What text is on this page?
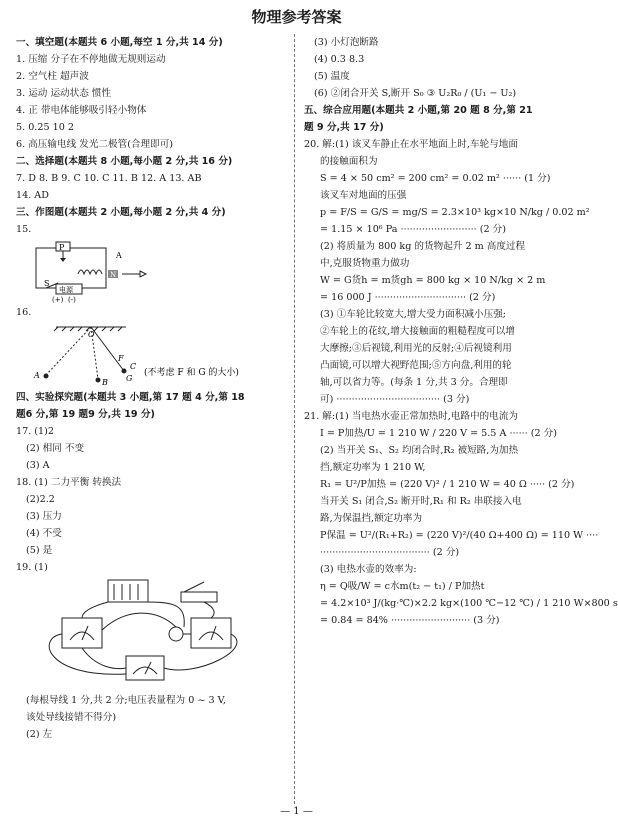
物理参考答案
一、填空题(本题共 6 小题,每空 1 分,共 14 分)
1. 压缩 分子在不停地做无规则运动
2. 空气柱 超声波
3. 运动 运动状态 惯性
4. 正 带电体能够吸引轻小物体
5. 0.25 10 2
6. 高压输电线 发光二极管(合理即可)
二、选择题(本题共 8 小题,每小题 2 分,共 16 分)
7. D 8. B 9. C 10. C 11. B 12. A 13. AB
14. AD
三、作图题(本题共 2 小题,每小题 2 分,共 4 分)
15.
P
A
N
S
电源
(+) (-)
16.
O
A
B
C
F
G
(不考虑 F 和 G 的大小)
四、实验探究题(本题共 3 小题,第 17 题 4 分,第 18
题6 分,第 19 题9 分,共 19 分)
17. (1)2
(2) 相同 不变
(3) A
18. (1) 二力平衡 转换法
(2)2.2
(3) 压力
(4) 不受
(5) 是
19. (1)
(每根导线 1 分,共 2 分;电压表量程为 0 ~ 3 V,
该处导线接错不得分)
(2) 左
(3) 小灯泡断路
(4) 0.3 8.3
(5) 温度
(6) ②闭合开关 S,断开 S₀ ③ U₂R₀ / (U₁ − U₂)
五、综合应用题(本题共 2 小题,第 20 题 8 分,第 21
题 9 分,共 17 分)
20. 解:(1) 该叉车静止在水平地面上时,车轮与地面
的接触面积为
S = 4 × 50 cm² = 200 cm² = 0.02 m² ······ (1 分)
该叉车对地面的压强
p = F/S = G/S = mg/S = 2.3×10³ kg×10 N/kg / 0.02 m²
= 1.15 × 10⁶ Pa ························· (2 分)
(2) 将质量为 800 kg 的货物起升 2 m 高度过程
中,克服货物重力做功
W = G货h = m货gh = 800 kg × 10 N/kg × 2 m
= 16 000 J ······························ (2 分)
(3) ①车轮比较宽大,增大受力面积减小压强;
②车轮上的花纹,增大接触面的粗糙程度可以增
大摩擦;③后视镜,利用光的反射;④后视镜利用
凸面镜,可以增大视野范围;⑤方向盘,利用的轮
轴,可以省力等。(每条 1 分,共 3 分。合理即
可) ·································· (3 分)
21. 解:(1) 当电热水壶正常加热时,电路中的电流为
I = P加热/U = 1 210 W / 220 V = 5.5 A ······ (2 分)
(2) 当开关 S₁、S₂ 均闭合时,R₂ 被短路,为加热
挡,额定功率为 1 210 W,
R₁ = U²/P加热 = (220 V)² / 1 210 W = 40 Ω ····· (2 分)
当开关 S₁ 闭合,S₂ 断开时,R₁ 和 R₂ 串联接入电
路,为保温挡,额定功率为
P保温 = U²/(R₁+R₂) = (220 V)²/(40 Ω+400 Ω) = 110 W ····
···································· (2 分)
(3) 电热水壶的效率为:
η = Q吸/W = c水m(t₂ − t₁) / P加热t
= 4.2×10³ J/(kg·℃)×2.2 kg×(100 ℃−12 ℃) / 1 210 W×800 s
= 0.84 = 84% ·························· (3 分)
— 1 —
